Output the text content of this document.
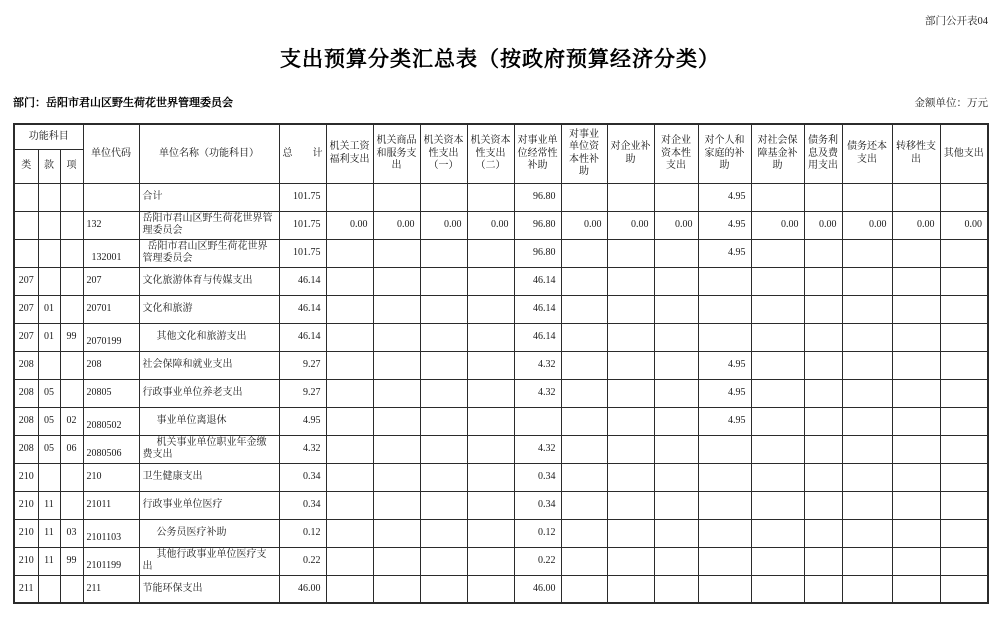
部门公开表04
支出预算分类汇总表（按政府预算经济分类）
部门：岳阳市君山区野生荷花世界管理委员会	金额单位：万元
功能科目			单位代码	单位名称（功能科目）	总　　计	机关工资福利支出	机关商品和服务支出	机关资本性支出（一）	机关资本性支出（二）	对事业单位经常性补助	对事业单位资本性补助	对企业补助	对企业资本性支出	对个人和家庭的补助	对社会保障基金补助	债务利息及费用支出	债务还本支出	转移性支出	其他支出
类	款	项																	
				合计	101.75					96.80				4.95					
			132	岳阳市君山区野生荷花世界管理委员会	101.75	0.00	0.00	0.00	0.00	96.80	0.00	0.00	0.00	4.95	0.00	0.00	0.00	0.00	0.00
			132001	岳阳市君山区野生荷花世界管理委员会	101.75					96.80				4.95					
207			207	文化旅游体育与传媒支出	46.14					46.14									
207	01		20701	文化和旅游	46.14					46.14									
207	01	99	2070199	其他文化和旅游支出	46.14					46.14									
208			208	社会保障和就业支出	9.27					4.32				4.95					
208	05		20805	行政事业单位养老支出	9.27					4.32				4.95					
208	05	02	2080502	事业单位离退休	4.95									4.95					
208	05	06	2080506	机关事业单位职业年金缴费支出	4.32					4.32									
210			210	卫生健康支出	0.34					0.34									
210	11		21011	行政事业单位医疗	0.34					0.34									
210	11	03	2101103	公务员医疗补助	0.12					0.12									
210	11	99	2101199	其他行政事业单位医疗支出	0.22					0.22									
211			211	节能环保支出	46.00					46.00									
